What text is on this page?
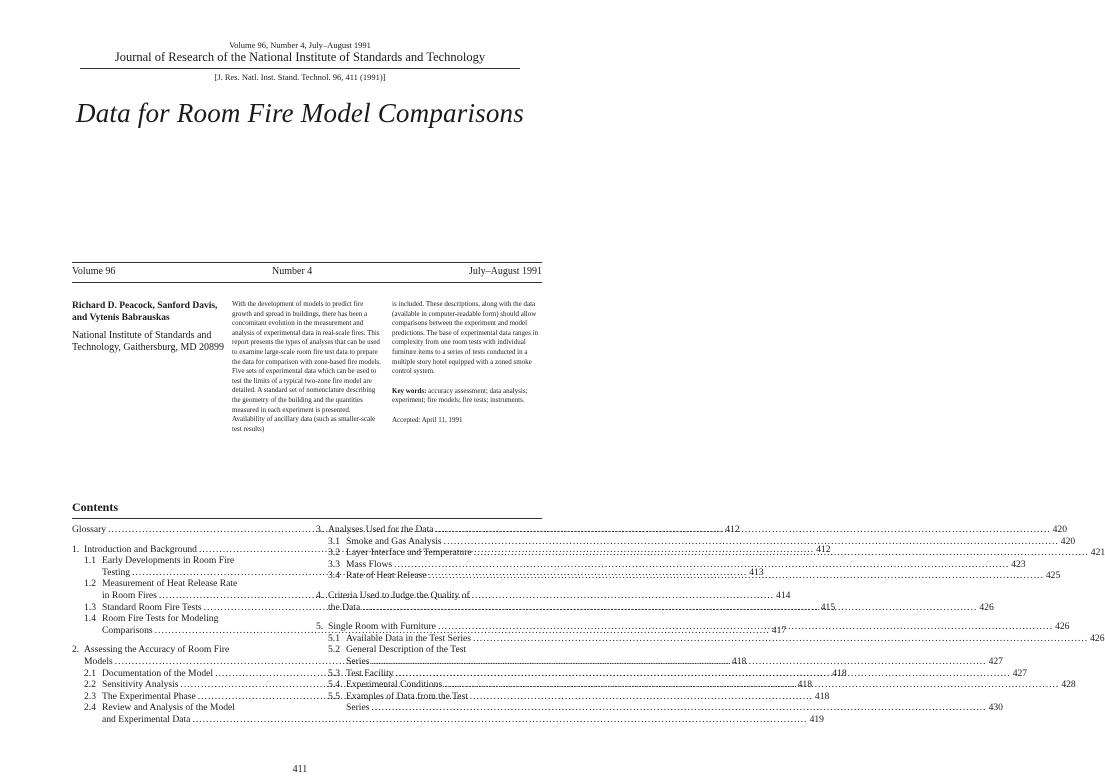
Volume 96, Number 4, July–August 1991
Journal of Research of the National Institute of Standards and Technology
[J. Res. Natl. Inst. Stand. Technol. 96, 411 (1991)]
Data for Room Fire Model Comparisons
Volume 96	Number 4	July–August 1991
Richard D. Peacock, Sanford Davis, and Vytenis Babrauskas
National Institute of Standards and Technology, Gaithersburg, MD 20899
With the development of models to predict fire growth and spread in buildings, there has been a concomitant evolution in the measurement and analysis of experimental data in real-scale fires. This report presents the types of analyses that can be used to examine large-scale room fire test data to prepare the data for comparison with zone-based fire models. Five sets of experimental data which can be used to test the limits of a typical two-zone fire model are detailed. A standard set of nomenclature describing the geometry of the building and the quantities measured in each experiment is presented. Availability of ancillary data (such as smaller-scale test results)
is included. These descriptions, along with the data (available in computer-readable form) should allow comparisons between the experiment and model predictions. The base of experimental data ranges in complexity from one room tests with individual furniture items to a series of tests conducted in a multiple story hotel equipped with a zoned smoke control system.
Key words: accuracy assessment; data analysis; experiment; fire models; fire tests; instruments.
Accepted: April 11, 1991
Contents
Glossary .....	412
1. Introduction and Background .....	412
1.1 Early Developments in Room Fire
Testing .....	413
1.2 Measurement of Heat Release Rate
in Room Fires .....	414
1.3 Standard Room Fire Tests .....	415
1.4 Room Fire Tests for Modeling
Comparisons .....	417
2. Assessing the Accuracy of Room Fire
Models .....	418
2.1 Documentation of the Model .....	418
2.2 Sensitivity Analysis .....	418
2.3 The Experimental Phase .....	418
2.4 Review and Analysis of the Model
and Experimental Data .....	419
3. Analyses Used for the Data .....	420
3.1 Smoke and Gas Analysis .....	420
3.2 Layer Interface and Temperature .....	421
3.3 Mass Flows .....	423
3.4 Rate of Heat Release .....	425
4. Criteria Used to Judge the Quality of
the Data .....	426
5. Single Room with Furniture .....	426
5.1 Available Data in the Test Series .....	426
5.2 General Description of the Test
Series .....	427
5.3 Test Facility .....	427
5.4 Experimental Conditions .....	428
5.5 Examples of Data from the Test
Series .....	430
411
